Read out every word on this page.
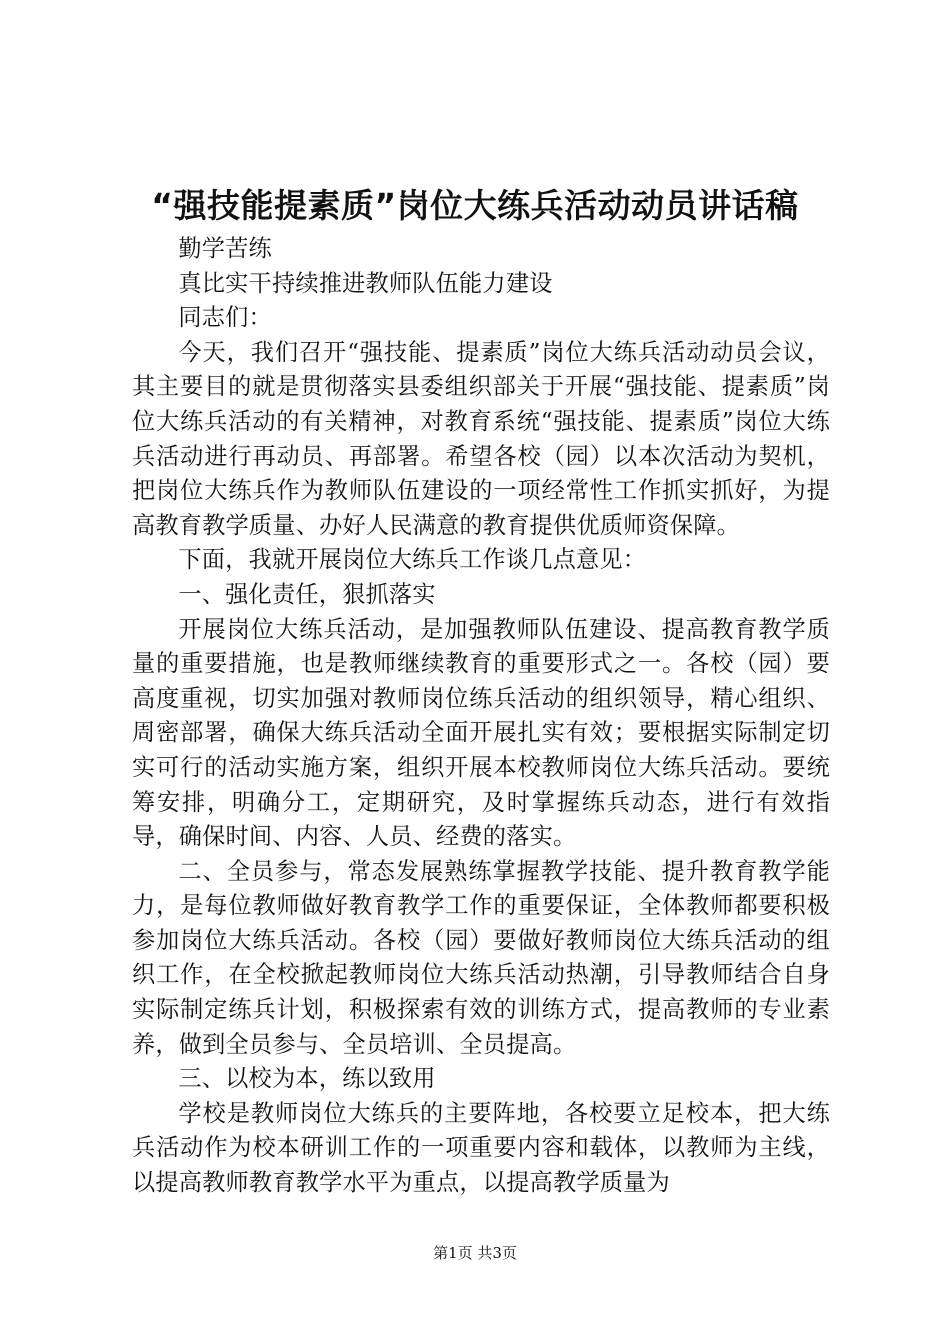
“强技能提素质”岗位大练兵活动动员讲话稿

勤学苦练

真比实干持续推进教师队伍能力建设

同志们：

今天，我们召开“强技能、提素质”岗位大练兵活动动员会议，其主要目的就是贯彻落实县委组织部关于开展“强技能、提素质”岗位大练兵活动的有关精神，对教育系统“强技能、提素质”岗位大练兵活动进行再动员、再部署。希望各校（园）以本次活动为契机，把岗位大练兵作为教师队伍建设的一项经常性工作抓实抓好，为提高教育教学质量、办好人民满意的教育提供优质师资保障。

下面，我就开展岗位大练兵工作谈几点意见：

一、强化责任，狠抓落实

开展岗位大练兵活动，是加强教师队伍建设、提高教育教学质量的重要措施，也是教师继续教育的重要形式之一。各校（园）要高度重视，切实加强对教师岗位练兵活动的组织领导，精心组织、周密部署，确保大练兵活动全面开展扎实有效；要根据实际制定切实可行的活动实施方案，组织开展本校教师岗位大练兵活动。要统筹安排，明确分工，定期研究，及时掌握练兵动态，进行有效指导，确保时间、内容、人员、经费的落实。

二、全员参与，常态发展熟练掌握教学技能、提升教育教学能力，是每位教师做好教育教学工作的重要保证，全体教师都要积极参加岗位大练兵活动。各校（园）要做好教师岗位大练兵活动的组织工作，在全校掀起教师岗位大练兵活动热潮，引导教师结合自身实际制定练兵计划，积极探索有效的训练方式，提高教师的专业素养，做到全员参与、全员培训、全员提高。

三、以校为本，练以致用

学校是教师岗位大练兵的主要阵地，各校要立足校本，把大练兵活动作为校本研训工作的一项重要内容和载体，以教师为主线，以提高教师教育教学水平为重点，以提高教学质量为

第1页 共3页
